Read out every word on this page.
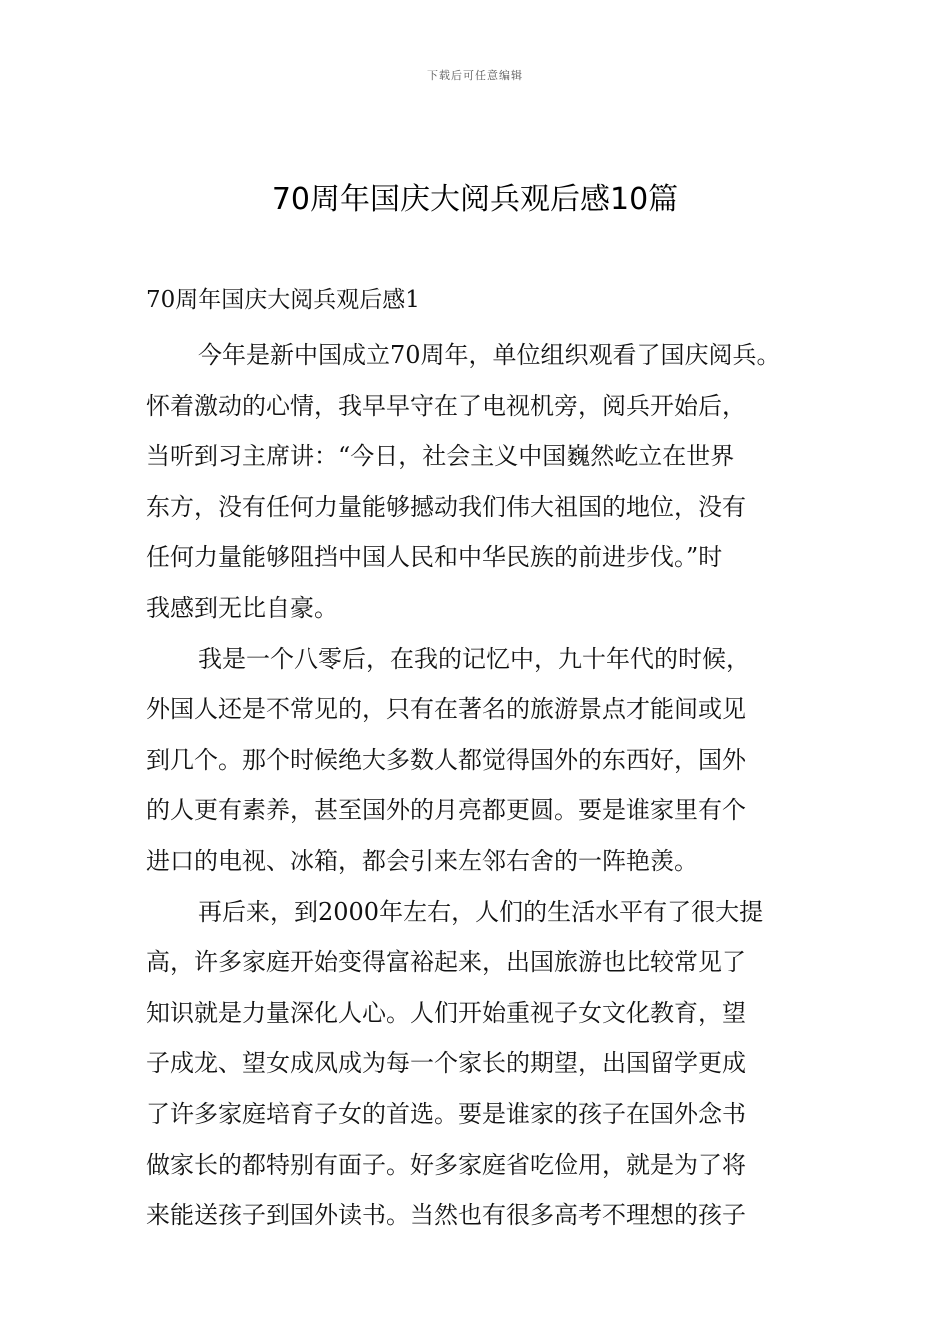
下载后可任意编辑
70周年国庆大阅兵观后感10篇

70周年国庆大阅兵观后感1

今年是新中国成立70周年，单位组织观看了国庆阅兵。
怀着激动的心情，我早早守在了电视机旁，阅兵开始后，
当听到习主席讲：“今日，社会主义中国巍然屹立在世界
东方，没有任何力量能够撼动我们伟大祖国的地位，没有
任何力量能够阻挡中国人民和中华民族的前进步伐。”时
我感到无比自豪。
我是一个八零后，在我的记忆中，九十年代的时候，
外国人还是不常见的，只有在著名的旅游景点才能间或见
到几个。那个时候绝大多数人都觉得国外的东西好，国外
的人更有素养，甚至国外的月亮都更圆。要是谁家里有个
进口的电视、冰箱，都会引来左邻右舍的一阵艳羡。
再后来，到2000年左右，人们的生活水平有了很大提
高，许多家庭开始变得富裕起来，出国旅游也比较常见了
知识就是力量深化人心。人们开始重视子女文化教育，望
子成龙、望女成凤成为每一个家长的期望，出国留学更成
了许多家庭培育子女的首选。要是谁家的孩子在国外念书
做家长的都特别有面子。好多家庭省吃俭用，就是为了将
来能送孩子到国外读书。当然也有很多高考不理想的孩子
